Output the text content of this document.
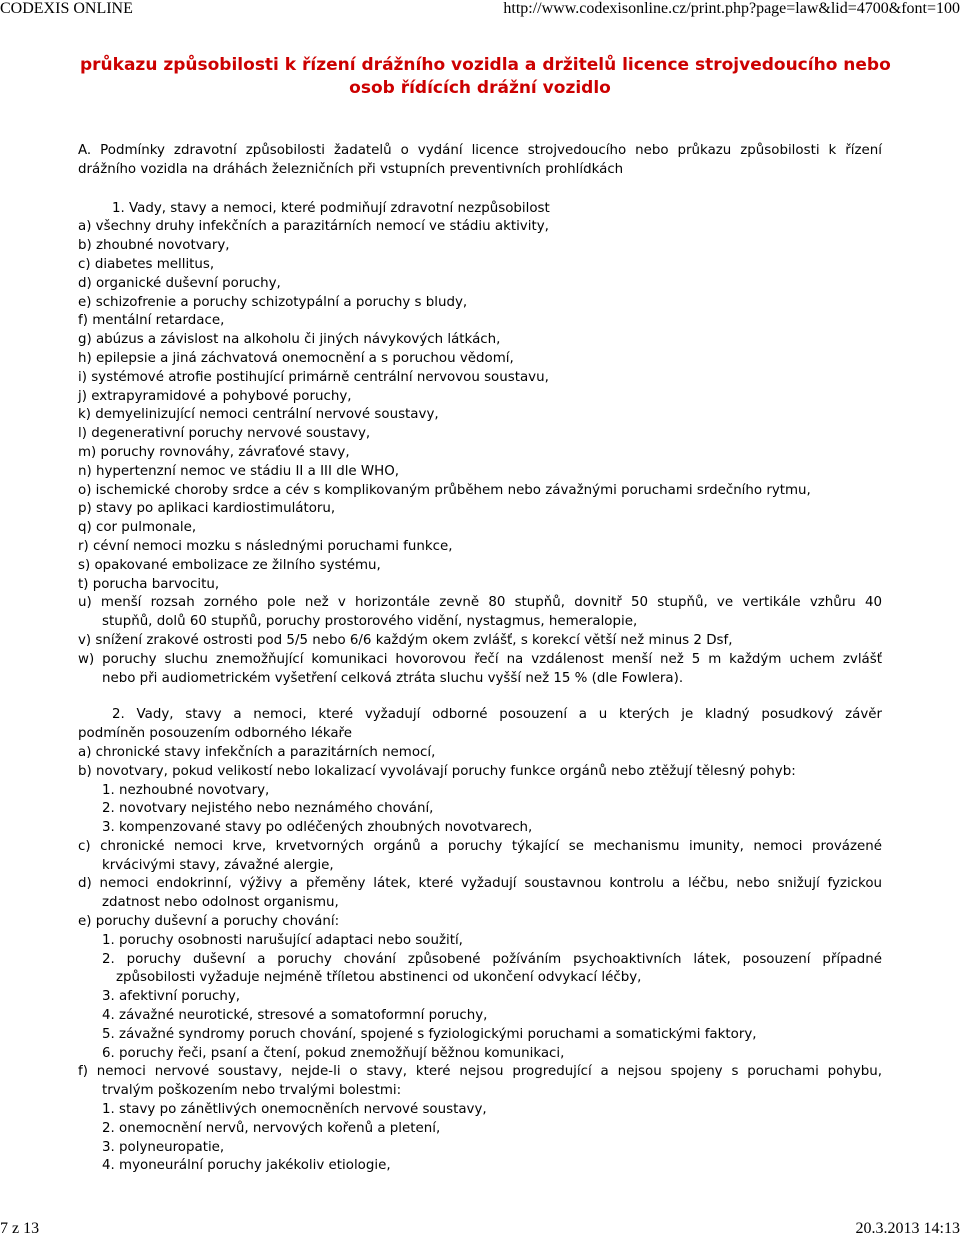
CODEXIS ONLINE	http://www.codexisonline.cz/print.php?page=law&lid=4700&font=100
průkazu způsobilosti k řízení drážního vozidla a držitelů licence strojvedoucího nebo
osob řídících drážní vozidlo
A. Podmínky zdravotní způsobilosti žadatelů o vydání licence strojvedoucího nebo průkazu způsobilosti k řízení
drážního vozidla na dráhách železničních při vstupních preventivních prohlídkách
1. Vady, stavy a nemoci, které podmiňují zdravotní nezpůsobilost
a) všechny druhy infekčních a parazitárních nemocí ve stádiu aktivity,
b) zhoubné novotvary,
c) diabetes mellitus,
d) organické duševní poruchy,
e) schizofrenie a poruchy schizotypální a poruchy s bludy,
f) mentální retardace,
g) abúzus a závislost na alkoholu či jiných návykových látkách,
h) epilepsie a jiná záchvatová onemocnění a s poruchou vědomí,
i) systémové atrofie postihující primárně centrální nervovou soustavu,
j) extrapyramidové a pohybové poruchy,
k) demyelinizující nemoci centrální nervové soustavy,
l) degenerativní poruchy nervové soustavy,
m) poruchy rovnováhy, závraťové stavy,
n) hypertenzní nemoc ve stádiu II a III dle WHO,
o) ischemické choroby srdce a cév s komplikovaným průběhem nebo závažnými poruchami srdečního rytmu,
p) stavy po aplikaci kardiostimulátoru,
q) cor pulmonale,
r) cévní nemoci mozku s následnými poruchami funkce,
s) opakované embolizace ze žilního systému,
t) porucha barvocitu,
u) menší rozsah zorného pole než v horizontále zevně 80 stupňů, dovnitř 50 stupňů, ve vertikále vzhůru 40
stupňů, dolů 60 stupňů, poruchy prostorového vidění, nystagmus, hemeralopie,
v) snížení zrakové ostrosti pod 5/5 nebo 6/6 každým okem zvlášť, s korekcí větší než minus 2 Dsf,
w) poruchy sluchu znemožňující komunikaci hovorovou řečí na vzdálenost menší než 5 m každým uchem zvlášť
nebo při audiometrickém vyšetření celková ztráta sluchu vyšší než 15 % (dle Fowlera).
2. Vady, stavy a nemoci, které vyžadují odborné posouzení a u kterých je kladný posudkový závěr
podmíněn posouzením odborného lékaře
a) chronické stavy infekčních a parazitárních nemocí,
b) novotvary, pokud velikostí nebo lokalizací vyvolávají poruchy funkce orgánů nebo ztěžují tělesný pohyb:
1. nezhoubné novotvary,
2. novotvary nejistého nebo neznámého chování,
3. kompenzované stavy po odléčených zhoubných novotvarech,
c) chronické nemoci krve, krvetvorných orgánů a poruchy týkající se mechanismu imunity, nemoci provázené
krvácivými stavy, závažné alergie,
d) nemoci endokrinní, výživy a přeměny látek, které vyžadují soustavnou kontrolu a léčbu, nebo snižují fyzickou
zdatnost nebo odolnost organismu,
e) poruchy duševní a poruchy chování:
1. poruchy osobnosti narušující adaptaci nebo soužití,
2. poruchy duševní a poruchy chování způsobené požíváním psychoaktivních látek, posouzení případné
způsobilosti vyžaduje nejméně tříletou abstinenci od ukončení odvykací léčby,
3. afektivní poruchy,
4. závažné neurotické, stresové a somatoformní poruchy,
5. závažné syndromy poruch chování, spojené s fyziologickými poruchami a somatickými faktory,
6. poruchy řeči, psaní a čtení, pokud znemožňují běžnou komunikaci,
f) nemoci nervové soustavy, nejde-li o stavy, které nejsou progredující a nejsou spojeny s poruchami pohybu,
trvalým poškozením nebo trvalými bolestmi:
1. stavy po zánětlivých onemocněních nervové soustavy,
2. onemocnění nervů, nervových kořenů a pletení,
3. polyneuropatie,
4. myoneurální poruchy jakékoliv etiologie,
7 z 13	20.3.2013 14:13
